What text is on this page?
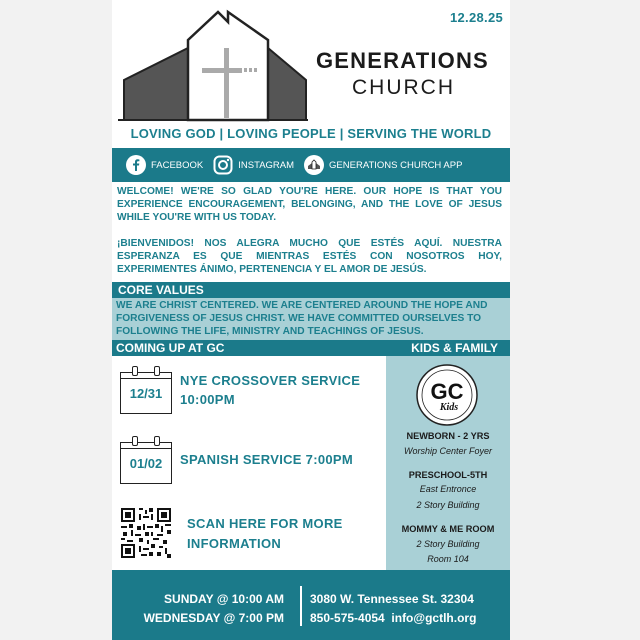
12.28.25
GENERATIONS
CHURCH
LOVING GOD | LOVING PEOPLE | SERVING THE WORLD
FACEBOOK	INSTAGRAM	GENERATIONS CHURCH APP
WELCOME! WE'RE SO GLAD YOU'RE HERE. OUR HOPE IS THAT YOU EXPERIENCE ENCOURAGEMENT, BELONGING, AND THE LOVE OF JESUS WHILE YOU'RE WITH US TODAY.
¡BIENVENIDOS! NOS ALEGRA MUCHO QUE ESTÉS AQUÍ. NUESTRA ESPERANZA ES QUE MIENTRAS ESTÉS CON NOSOTROS HOY, EXPERIMENTES ÁNIMO, PERTENENCIA Y EL AMOR DE JESÚS.
CORE VALUES
WE ARE CHRIST CENTERED. WE ARE CENTERED AROUND THE HOPE AND FORGIVENESS OF JESUS CHRIST. WE HAVE COMMITTED OURSELVES TO FOLLOWING THE LIFE, MINISTRY AND TEACHINGS OF JESUS.
COMING UP AT GC	KIDS & FAMILY
12/31
NYE CROSSOVER SERVICE
10:00PM
01/02	SPANISH SERVICE 7:00PM
SCAN HERE FOR MORE
INFORMATION
GC
Kids
NEWBORN - 2 YRS
Worship Center Foyer
PRESCHOOL-5TH
East Entronce
2 Story Building
MOMMY & ME ROOM
2 Story Building
Room 104
SUNDAY @ 10:00 AM
WEDNESDAY @ 7:00 PM
3080 W. Tennessee St. 32304
850-575-4054  info@gctlh.org
